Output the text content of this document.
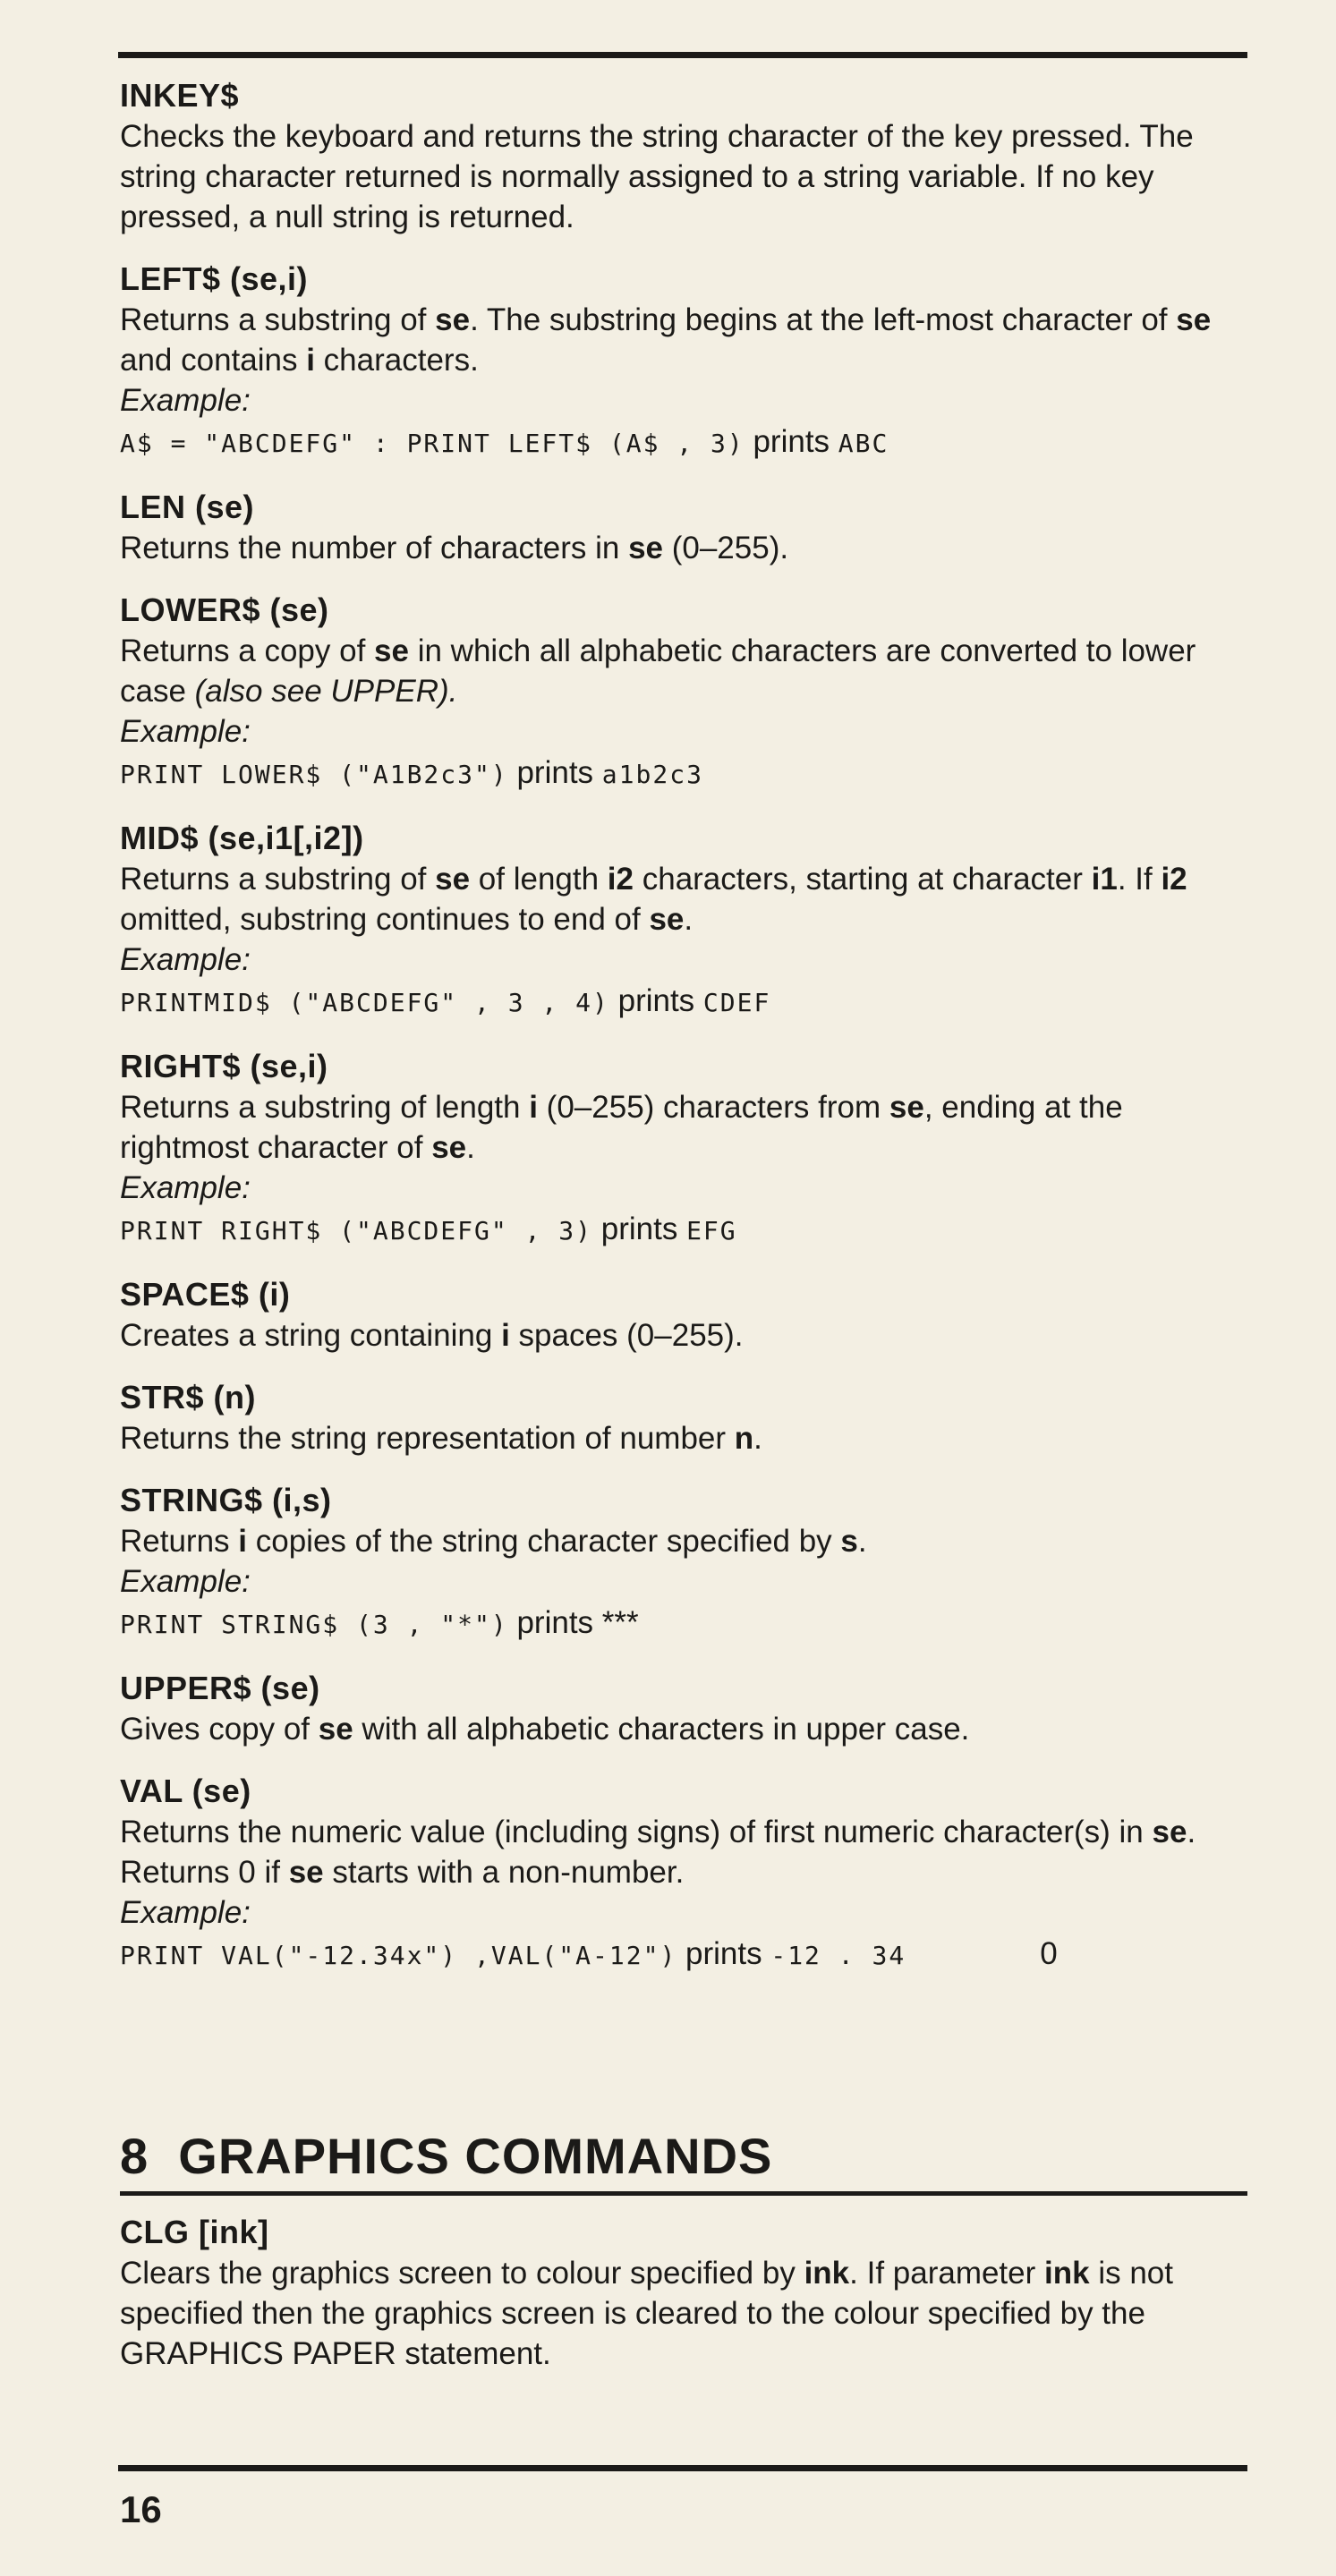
INKEY$
Checks the keyboard and returns the string character of the key pressed. The string character returned is normally assigned to a string variable. If no key pressed, a null string is returned.
LEFT$ (se,i)
Returns a substring of se. The substring begins at the left-most character of se and contains i characters.
Example:
A$ = "ABCDEFG" : PRINT LEFT$ (A$ , 3) prints ABC
LEN (se)
Returns the number of characters in se (0–255).
LOWER$ (se)
Returns a copy of se in which all alphabetic characters are converted to lower case (also see UPPER).
Example:
PRINT LOWER$ ("A1B2c3") prints a1b2c3
MID$ (se,i1[,i2])
Returns a substring of se of length i2 characters, starting at character i1. If i2 omitted, substring continues to end of se.
Example:
PRINTMID$ ("ABCDEFG" , 3 , 4) prints CDEF
RIGHT$ (se,i)
Returns a substring of length i (0–255) characters from se, ending at the rightmost character of se.
Example:
PRINT RIGHT$ ("ABCDEFG" , 3) prints EFG
SPACE$ (i)
Creates a string containing i spaces (0–255).
STR$ (n)
Returns the string representation of number n.
STRING$ (i,s)
Returns i copies of the string character specified by s.
Example:
PRINT STRING$ (3 , "*") prints ***
UPPER$ (se)
Gives copy of se with all alphabetic characters in upper case.
VAL (se)
Returns the numeric value (including signs) of first numeric character(s) in se. Returns 0 if se starts with a non-number.
Example:
PRINT VAL("-12.34x") ,VAL("A-12") prints -12 . 34	0
8  GRAPHICS COMMANDS
CLG [ink]
Clears the graphics screen to colour specified by ink. If parameter ink is not specified then the graphics screen is cleared to the colour specified by the GRAPHICS PAPER statement.
16
